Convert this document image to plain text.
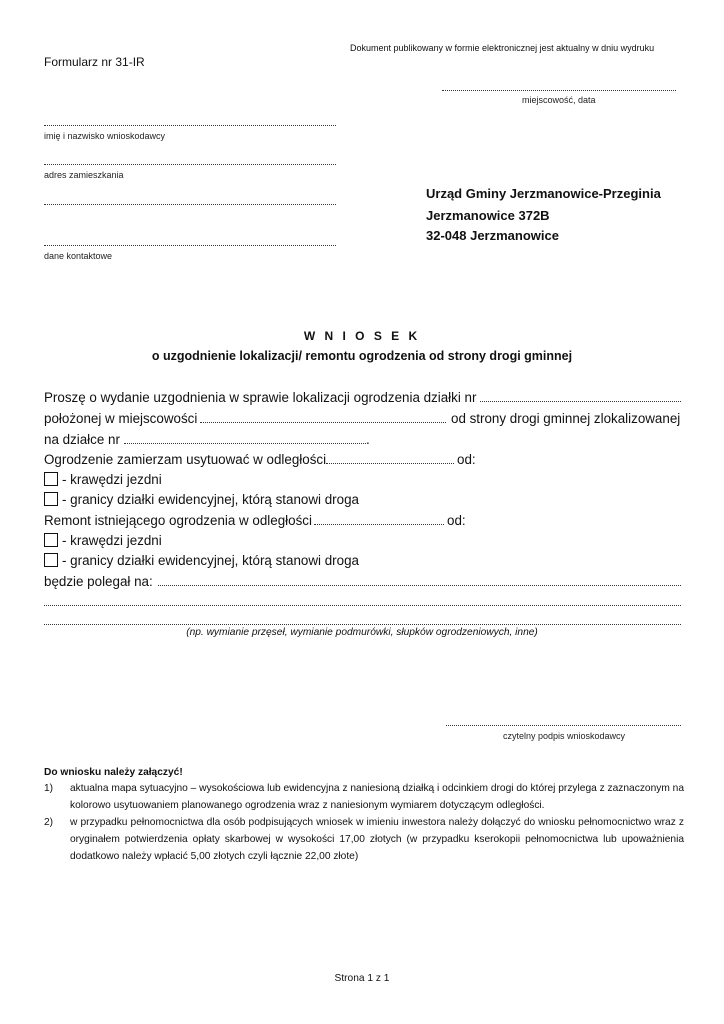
Dokument publikowany w formie elektronicznej jest aktualny w dniu wydruku
Formularz nr 31-IR
miejscowość, data
imię i nazwisko wnioskodawcy
adres zamieszkania
dane kontaktowe
Urząd Gminy Jerzmanowice-Przeginia
Jerzmanowice 372B
32-048 Jerzmanowice
W N I O S E K
o uzgodnienie lokalizacji/ remontu ogrodzenia od strony drogi gminnej
Proszę o wydanie uzgodnienia w sprawie lokalizacji ogrodzenia działki nr
położonej w miejscowości	od strony drogi gminnej zlokalizowanej
na działce nr	.
Ogrodzenie zamierzam usytuować w odległości	od:
- krawędzi jezdni
- granicy działki ewidencyjnej, którą stanowi droga
Remont istniejącego ogrodzenia w odległości	od:
- krawędzi jezdni
- granicy działki ewidencyjnej, którą stanowi droga
będzie polegał na:
(np. wymianie przęseł, wymianie podmurówki, słupków ogrodzeniowych, inne)
czytelny podpis wnioskodawcy
Do wniosku należy załączyć!
1) aktualna mapa sytuacyjno – wysokościowa lub ewidencyjna z naniesioną działką i odcinkiem drogi do której przylega z zaznaczonym na kolorowo usytuowaniem planowanego ogrodzenia wraz z naniesionym wymiarem dotyczącym odległości.
2) w przypadku pełnomocnictwa dla osób podpisujących wniosek w imieniu inwestora należy dołączyć do wniosku pełnomocnictwo wraz z oryginałem potwierdzenia opłaty skarbowej w wysokości 17,00 złotych (w przypadku kserokopii pełnomocnictwa lub upoważnienia dodatkowo należy wpłacić 5,00 złotych czyli łącznie 22,00 złote)
Strona 1 z 1
